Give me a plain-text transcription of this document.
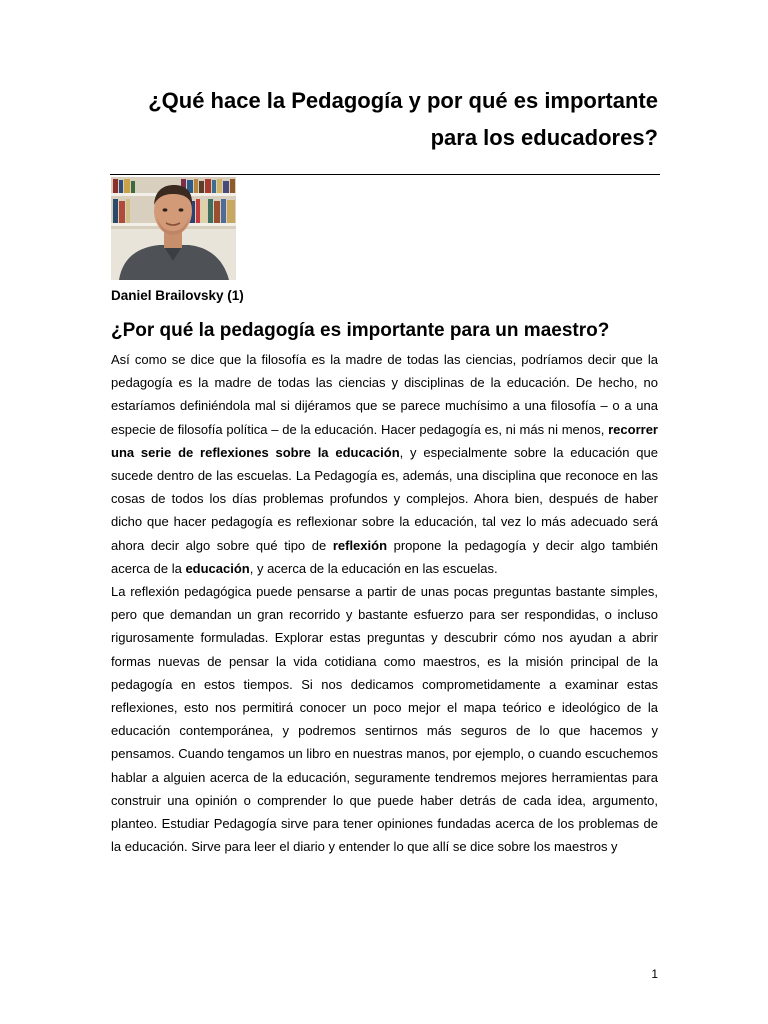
¿Qué hace la Pedagogía y por qué es importante
para los educadores?
Daniel Brailovsky (1)
¿Por qué la pedagogía es importante para un maestro?

Así como se dice que la filosofía es la madre de todas las ciencias, podríamos decir que la pedagogía es la madre de todas las ciencias y disciplinas de la educación. De hecho, no estaríamos definiéndola mal si dijéramos que se parece muchísimo a una filosofía – o a una especie de filosofía política – de la educación. Hacer pedagogía es, ni más ni menos, recorrer una serie de reflexiones sobre la educación, y especialmente sobre la educación que sucede dentro de las escuelas. La Pedagogía es, además, una disciplina que reconoce en las cosas de todos los días problemas profundos y complejos. Ahora bien, después de haber dicho que hacer pedagogía es reflexionar sobre la educación, tal vez lo más adecuado será ahora decir algo sobre qué tipo de reflexión propone la pedagogía y decir algo también acerca de la educación, y acerca de la educación en las escuelas.

La reflexión pedagógica puede pensarse a partir de unas pocas preguntas bastante simples, pero que demandan un gran recorrido y bastante esfuerzo para ser respondidas, o incluso rigurosamente formuladas. Explorar estas preguntas y descubrir cómo nos ayudan a abrir formas nuevas de pensar la vida cotidiana como maestros, es la misión principal de la pedagogía en estos tiempos. Si nos dedicamos comprometidamente a examinar estas reflexiones, esto nos permitirá conocer un poco mejor el mapa teórico e ideológico de la educación contemporánea, y podremos sentirnos más seguros de lo que hacemos y pensamos. Cuando tengamos un libro en nuestras manos, por ejemplo, o cuando escuchemos hablar a alguien acerca de la educación, seguramente tendremos mejores herramientas para construir una opinión o comprender lo que puede haber detrás de cada idea, argumento, planteo. Estudiar Pedagogía sirve para tener opiniones fundadas acerca de los problemas de la educación. Sirve para leer el diario y entender lo que allí se dice sobre los maestros y

1
